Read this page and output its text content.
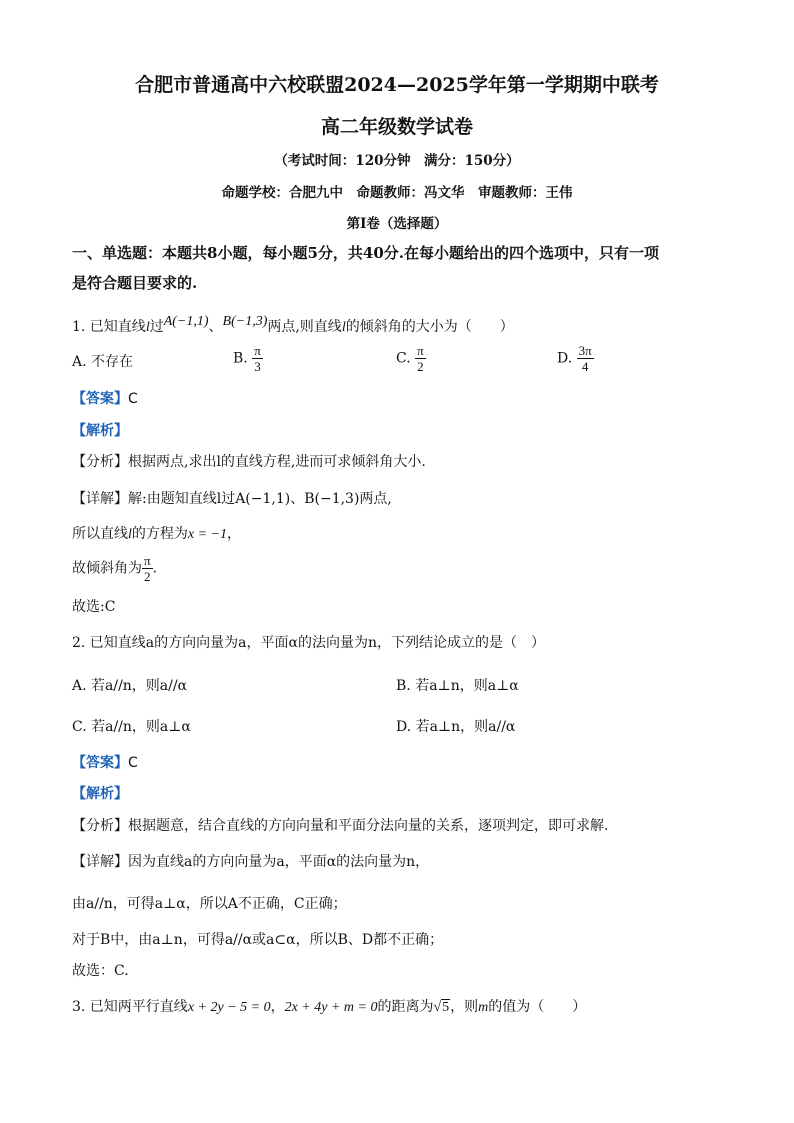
合肥市普通高中六校联盟2024—2025学年第一学期期中联考
高二年级数学试卷
（考试时间：120分钟　满分：150分）
命题学校：合肥九中　命题教师：冯文华　审题教师：王伟
第I卷（选择题）
一、单选题：本题共8小题，每小题5分，共40分.在每小题给出的四个选项中，只有一项
是符合题目要求的.
1. 已知直线l过A(−1,1)、B(−1,3)两点,则直线l的倾斜角的大小为（　　）
A. 不存在	B. $\frac{\pi}{3}$	C. $\frac{\pi}{2}$	D. $\frac{3\pi}{4}$
【答案】C
【解析】
【分析】根据两点,求出l的直线方程,进而可求倾斜角大小.
【详解】解:由题知直线l过A(−1,1)、B(−1,3)两点,
所以直线l的方程为x = −1，
故倾斜角为 $\frac{\pi}{2}$ .
故选:C
2. 已知直线a的方向向量为a，平面α的法向量为n，下列结论成立的是（　）
A. 若a//n，则a//α	B. 若a⊥n，则a⊥α
C. 若a//n，则a⊥α	D. 若a⊥n，则a//α
【答案】C
【解析】
【分析】根据题意，结合直线的方向向量和平面分法向量的关系，逐项判定，即可求解.
【详解】因为直线a的方向向量为a，平面α的法向量为n，
由a//n，可得a⊥α，所以A不正确，C正确；
对于B中，由a⊥n，可得a//α或a⊂α，所以B、D都不正确；
故选：C.
3. 已知两平行直线x + 2y − 5 = 0，2x + 4y + m = 0的距离为√5，则m的值为（　　）
